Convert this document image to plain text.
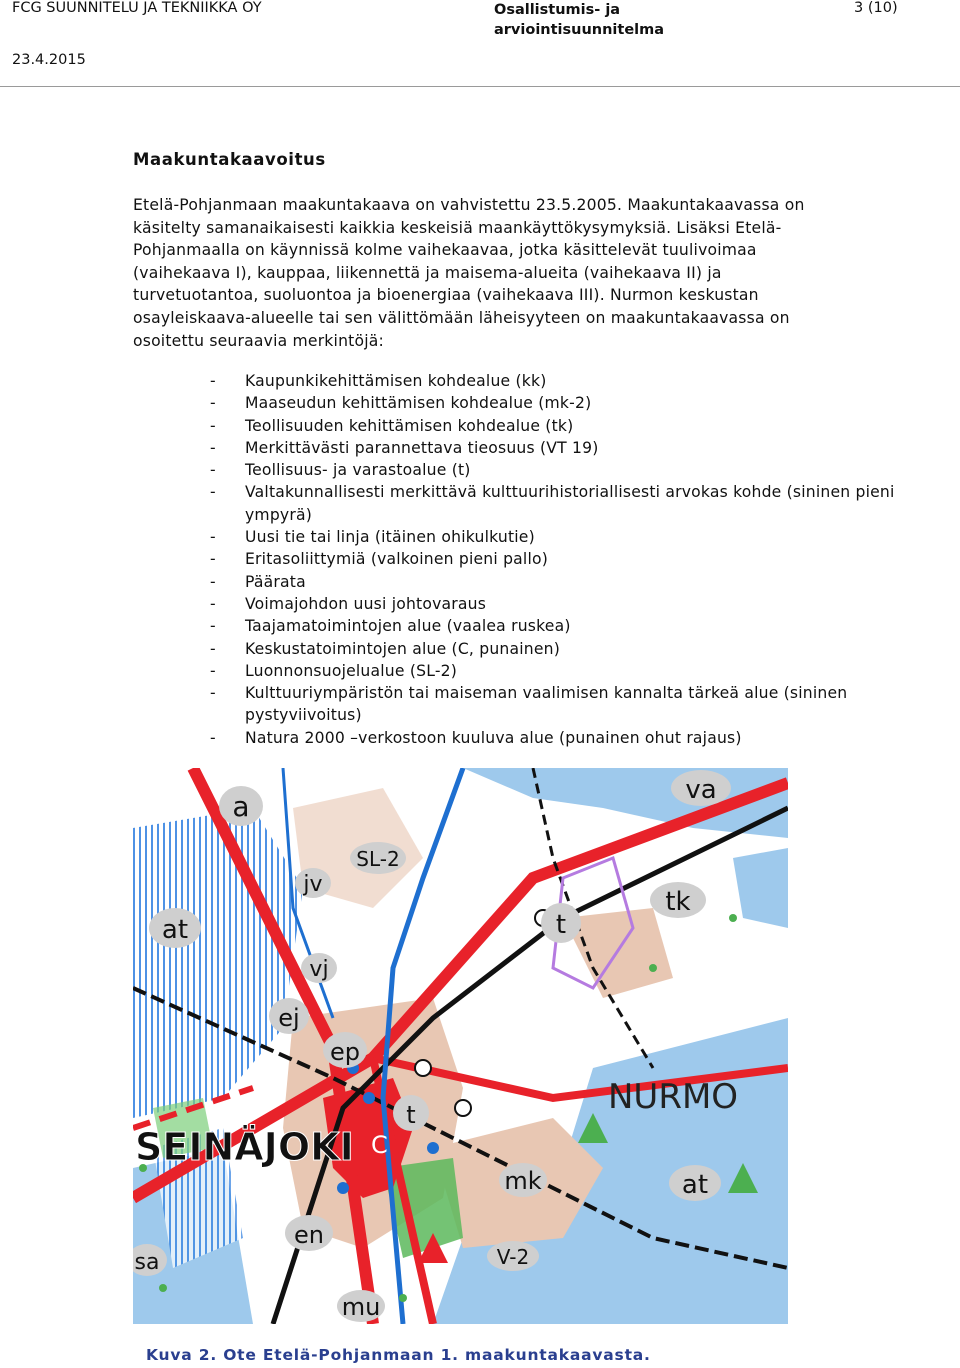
FCG SUUNNITELU JA TEKNIIKKA OY
23.4.2015
Osallistumis- ja
arviointisuunnitelma
3 (10)
Maakuntakaavoitus
Etelä-Pohjanmaan maakuntakaava on vahvistettu 23.5.2005. Maakuntakaavassa on
käsitelty samanaikaisesti kaikkia keskeisiä maankäyttökysymyksiä. Lisäksi Etelä-
Pohjanmaalla on käynnissä kolme vaihekaavaa, jotka käsittelevät tuulivoimaa
(vaihekaava I), kauppaa, liikennettä ja maisema-alueita (vaihekaava II) ja
turvetuotantoa, suoluontoa ja bioenergiaa (vaihekaava III). Nurmon keskustan
osayleiskaava-alueelle tai sen välittömään läheisyyteen on maakuntakaavassa on
osoitettu seuraavia merkintöjä:
- Kaupunkikehittämisen kohdealue (kk)
- Maaseudun kehittämisen kohdealue (mk-2)
- Teollisuuden kehittämisen kohdealue (tk)
- Merkittävästi parannettava tieosuus (VT 19)
- Teollisuus- ja varastoalue (t)
- Valtakunnallisesti merkittävä kulttuurihistoriallisesti arvokas kohde (sininen pieni ympyrä)
- Uusi tie tai linja (itäinen ohikulkutie)
- Eritasoliittymiä (valkoinen pieni pallo)
- Päärata
- Voimajohdon uusi johtovaraus
- Taajamatoimintojen alue (vaalea ruskea)
- Keskustatoimintojen alue (C, punainen)
- Luonnonsuojelualue (SL-2)
- Kulttuuriympäristön tai maiseman vaalimisen kannalta tärkeä alue (sininen pystyviivoitus)
- Natura 2000 –verkostoon kuuluva alue (punainen ohut rajaus)
a	va
SL-2
jv
at	t
tk
vj
ej
ep
t	NURMO
SEINÄJOKI C
mk	at
en
V-2
sa
mu
Kuva 2. Ote Etelä-Pohjanmaan 1. maakuntakaavasta.
